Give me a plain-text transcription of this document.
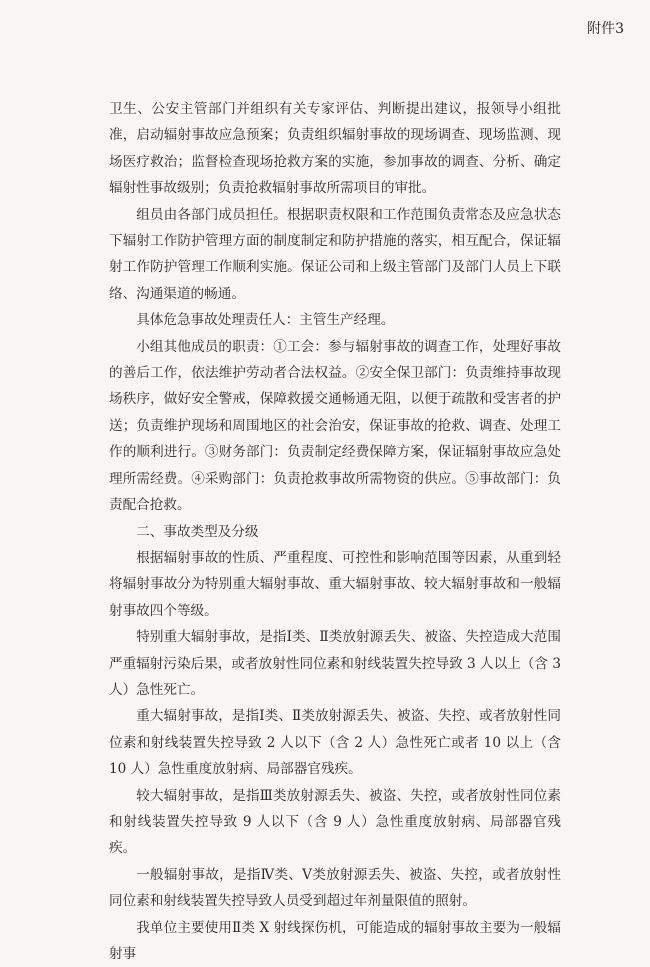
附件3

卫生、公安主管部门并组织有关专家评估、判断提出建议，报领导小组批准，启动辐射事故应急预案；负责组织辐射事故的现场调查、现场监测、现场医疗救治；监督检查现场抢救方案的实施，参加事故的调查、分析、确定辐射性事故级别；负责抢救辐射事故所需项目的审批。

组员由各部门成员担任。根据职责权限和工作范围负责常态及应急状态下辐射工作防护管理方面的制度制定和防护措施的落实，相互配合，保证辐射工作防护管理工作顺利实施。保证公司和上级主管部门及部门人员上下联络、沟通渠道的畅通。

具体危急事故处理责任人：主管生产经理。

小组其他成员的职责：①工会：参与辐射事故的调查工作，处理好事故的善后工作，依法维护劳动者合法权益。②安全保卫部门：负责维持事故现场秩序，做好安全警戒，保障救援交通畅通无阻，以便于疏散和受害者的护送；负责维护现场和周围地区的社会治安，保证事故的抢救、调查、处理工作的顺利进行。③财务部门：负责制定经费保障方案，保证辐射事故应急处理所需经费。④采购部门：负责抢救事故所需物资的供应。⑤事故部门：负责配合抢救。

二、事故类型及分级

根据辐射事故的性质、严重程度、可控性和影响范围等因素，从重到轻将辐射事故分为特别重大辐射事故、重大辐射事故、较大辐射事故和一般辐射事故四个等级。

特别重大辐射事故，是指Ⅰ类、Ⅱ类放射源丢失、被盗、失控造成大范围严重辐射污染后果，或者放射性同位素和射线装置失控导致 3 人以上（含 3 人）急性死亡。

重大辐射事故，是指Ⅰ类、Ⅱ类放射源丢失、被盗、失控、或者放射性同位素和射线装置失控导致 2 人以下（含 2 人）急性死亡或者 10 以上（含 10 人）急性重度放射病、局部器官残疾。

较大辐射事故，是指Ⅲ类放射源丢失、被盗、失控，或者放射性同位素和射线装置失控导致 9 人以下（含 9 人）急性重度放射病、局部器官残疾。

一般辐射事故，是指Ⅳ类、Ⅴ类放射源丢失、被盗、失控，或者放射性同位素和射线装置失控导致人员受到超过年剂量限值的照射。

我单位主要使用Ⅱ类 X 射线探伤机，可能造成的辐射事故主要为一般辐射事
